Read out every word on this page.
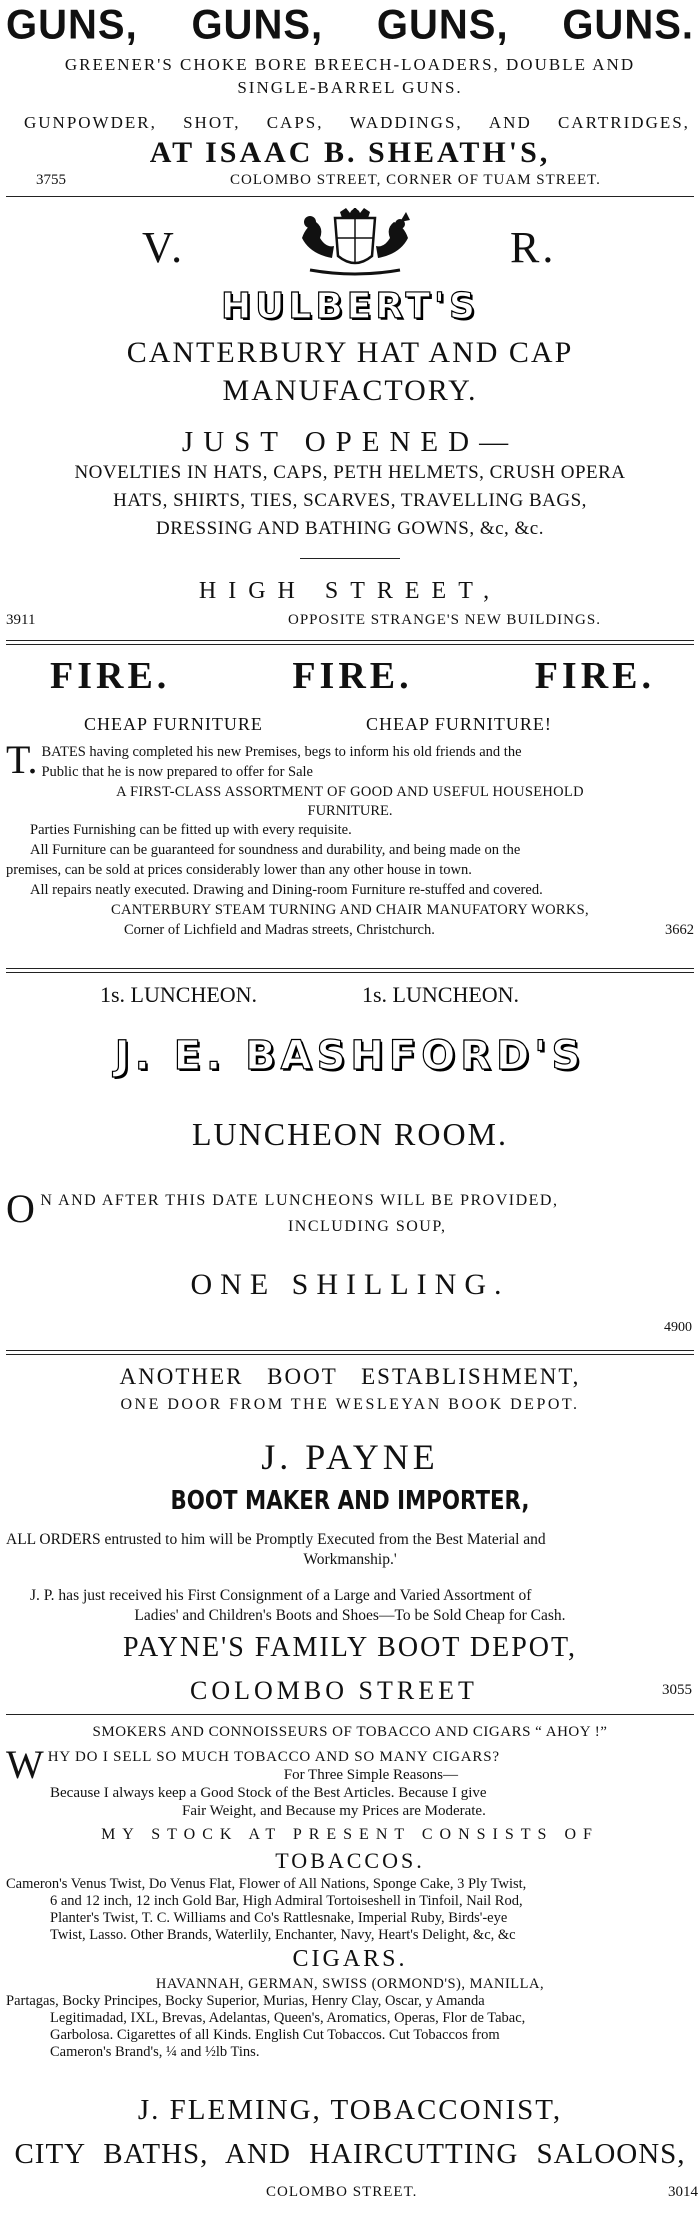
GUNS, GUNS, GUNS, GUNS.
GREENER'S CHOKE BORE BREECH-LOADERS, DOUBLE AND
SINGLE-BARREL GUNS.
GUNPOWDER, SHOT, CAPS, WADDINGS, AND CARTRIDGES,
AT ISAAC B. SHEATH'S,
3755	COLOMBO STREET, CORNER OF TUAM STREET.
V.	R.
HULBERT'S
CANTERBURY HAT AND CAP
MANUFACTORY.
JUST OPENED—
NOVELTIES IN HATS, CAPS, PETH HELMETS, CRUSH OPERA
HATS, SHIRTS, TIES, SCARVES, TRAVELLING BAGS,
DRESSING AND BATHING GOWNS, &c, &c.
HIGH STREET,
3911	OPPOSITE STRANGE'S NEW BUILDINGS.
FIRE.	FIRE.	FIRE.
CHEAP FURNITURE	CHEAP FURNITURE!
T. BATES having completed his new Premises, begs to inform his old friends and the
Public that he is now prepared to offer for Sale
A FIRST-CLASS ASSORTMENT OF GOOD AND USEFUL HOUSEHOLD
FURNITURE.
Parties Furnishing can be fitted up with every requisite.
All Furniture can be guaranteed for soundness and durability, and being made on the
premises, can be sold at prices considerably lower than any other house in town.
All repairs neatly executed. Drawing and Dining-room Furniture re-stuffed and covered.
CANTERBURY STEAM TURNING AND CHAIR MANUFATORY WORKS,
Corner of Lichfield and Madras streets, Christchurch.	3662
1s. LUNCHEON.	1s. LUNCHEON.
J. E. BASHFORD'S
LUNCHEON ROOM.
O N AND AFTER THIS DATE LUNCHEONS WILL BE PROVIDED,
INCLUDING SOUP,
ONE SHILLING.
4900
ANOTHER BOOT ESTABLISHMENT,
ONE DOOR FROM THE WESLEYAN BOOK DEPOT.
J. PAYNE
BOOT MAKER AND IMPORTER,
ALL ORDERS entrusted to him will be Promptly Executed from the Best Material and
Workmanship.'
J. P. has just received his First Consignment of a Large and Varied Assortment of
Ladies' and Children's Boots and Shoes—To be Sold Cheap for Cash.
PAYNE'S FAMILY BOOT DEPOT,
COLOMBO STREET	3055
SMOKERS AND CONNOISSEURS OF TOBACCO AND CIGARS “ AHOY !”
W HY DO I SELL SO MUCH TOBACCO AND SO MANY CIGARS?
For Three Simple Reasons—
Because I always keep a Good Stock of the Best Articles. Because I give
Fair Weight, and Because my Prices are Moderate.
MY STOCK AT PRESENT CONSISTS OF
TOBACCOS.
Cameron's Venus Twist, Do Venus Flat, Flower of All Nations, Sponge Cake, 3 Ply Twist,
6 and 12 inch, 12 inch Gold Bar, High Admiral Tortoiseshell in Tinfoil, Nail Rod,
Planter's Twist, T. C. Williams and Co's Rattlesnake, Imperial Ruby, Birds'-eye
Twist, Lasso. Other Brands, Waterlily, Enchanter, Navy, Heart's Delight, &c, &c
CIGARS.
HAVANNAH, GERMAN, SWISS (ORMOND'S), MANILLA,
Partagas, Bocky Principes, Bocky Superior, Murias, Henry Clay, Oscar, y Amanda
Legitimadad, IXL, Brevas, Adelantas, Queen's, Aromatics, Operas, Flor de Tabac,
Garbolosa. Cigarettes of all Kinds. English Cut Tobaccos. Cut Tobaccos from
Cameron's Brand's, ¼ and ½lb Tins.
J. FLEMING, TOBACCONIST,
CITY BATHS, AND HAIRCUTTING SALOONS,
COLOMBO STREET.	3014
